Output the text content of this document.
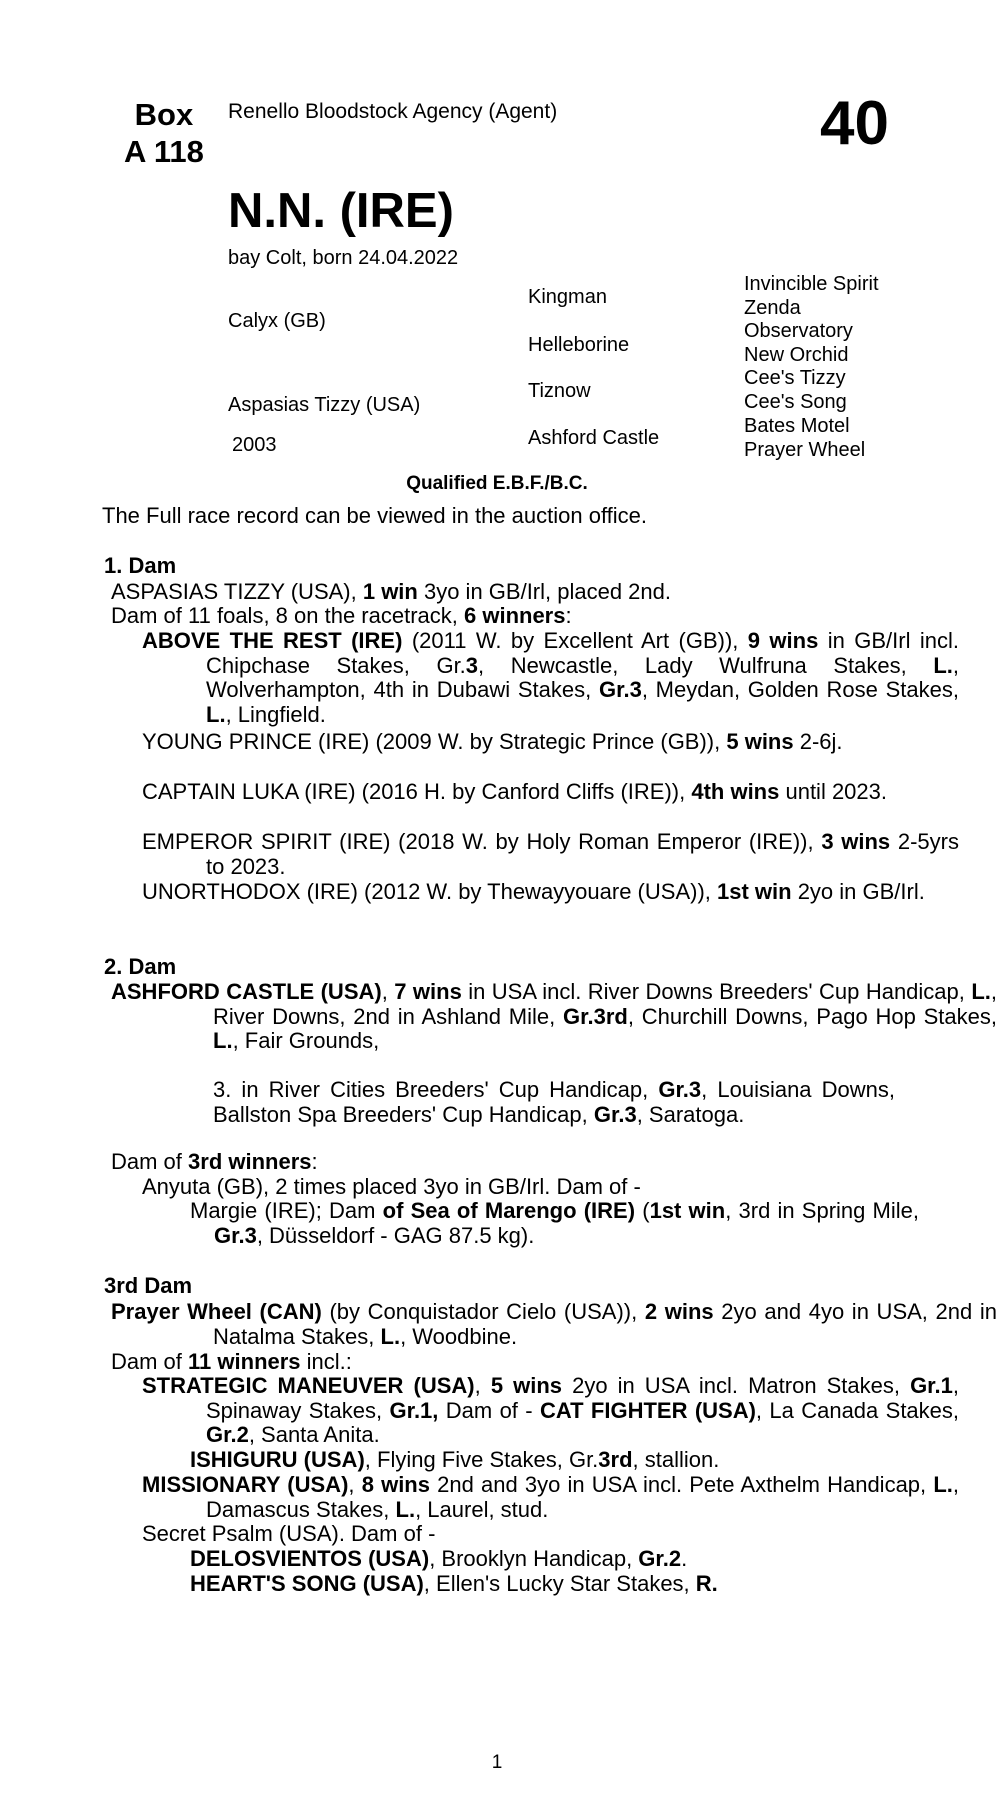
Box
A 118
Renello Bloodstock Agency (Agent)	40
N.N. (IRE)
bay Colt, born 24.04.2022
Calyx (GB)
Aspasias Tizzy (USA)
2003
Kingman
Helleborine
Tiznow
Ashford Castle
Invincible Spirit
Zenda
Observatory
New Orchid
Cee's Tizzy
Cee's Song
Bates Motel
Prayer Wheel
Qualified E.B.F./B.C.
The Full race record can be viewed in the auction office.
1. Dam
ASPASIAS TIZZY (USA), 1 win 3yo in GB/Irl, placed 2nd.
Dam of 11 foals, 8 on the racetrack, 6 winners:
ABOVE THE REST (IRE) (2011 W. by Excellent Art (GB)), 9 wins in GB/Irl incl. Chipchase Stakes, Gr.3, Newcastle, Lady Wulfruna Stakes, L., Wolverhampton, 4th in Dubawi Stakes, Gr.3, Meydan, Golden Rose Stakes, L., Lingfield.
YOUNG PRINCE (IRE) (2009 W. by Strategic Prince (GB)), 5 wins 2-6j.
CAPTAIN LUKA (IRE) (2016 H. by Canford Cliffs (IRE)), 4th wins until 2023.
EMPEROR SPIRIT (IRE) (2018 W. by Holy Roman Emperor (IRE)), 3 wins 2-5yrs to 2023.
UNORTHODOX (IRE) (2012 W. by Thewayyouare (USA)), 1st win 2yo in GB/Irl.
2. Dam
ASHFORD CASTLE (USA), 7 wins in USA incl. River Downs Breeders' Cup Handicap, L., River Downs, 2nd in Ashland Mile, Gr.3rd, Churchill Downs, Pago Hop Stakes, L., Fair Grounds,
3. in River Cities Breeders' Cup Handicap, Gr.3, Louisiana Downs, Ballston Spa Breeders' Cup Handicap, Gr.3, Saratoga.
Dam of 3rd winners:
Anyuta (GB), 2 times placed 3yo in GB/Irl. Dam of -
Margie (IRE); Dam of Sea of Marengo (IRE) (1st win, 3rd in Spring Mile, Gr.3, Düsseldorf - GAG 87.5 kg).
3rd Dam
Prayer Wheel (CAN) (by Conquistador Cielo (USA)), 2 wins 2yo and 4yo in USA, 2nd in Natalma Stakes, L., Woodbine.
Dam of 11 winners incl.:
STRATEGIC MANEUVER (USA), 5 wins 2yo in USA incl. Matron Stakes, Gr.1, Spinaway Stakes, Gr.1, Dam of - CAT FIGHTER (USA), La Canada Stakes, Gr.2, Santa Anita.
ISHIGURU (USA), Flying Five Stakes, Gr.3rd, stallion.
MISSIONARY (USA), 8 wins 2nd and 3yo in USA incl. Pete Axthelm Handicap, L., Damascus Stakes, L., Laurel, stud.
Secret Psalm (USA). Dam of -
DELOSVIENTOS (USA), Brooklyn Handicap, Gr.2.
HEART'S SONG (USA), Ellen's Lucky Star Stakes, R.
1
